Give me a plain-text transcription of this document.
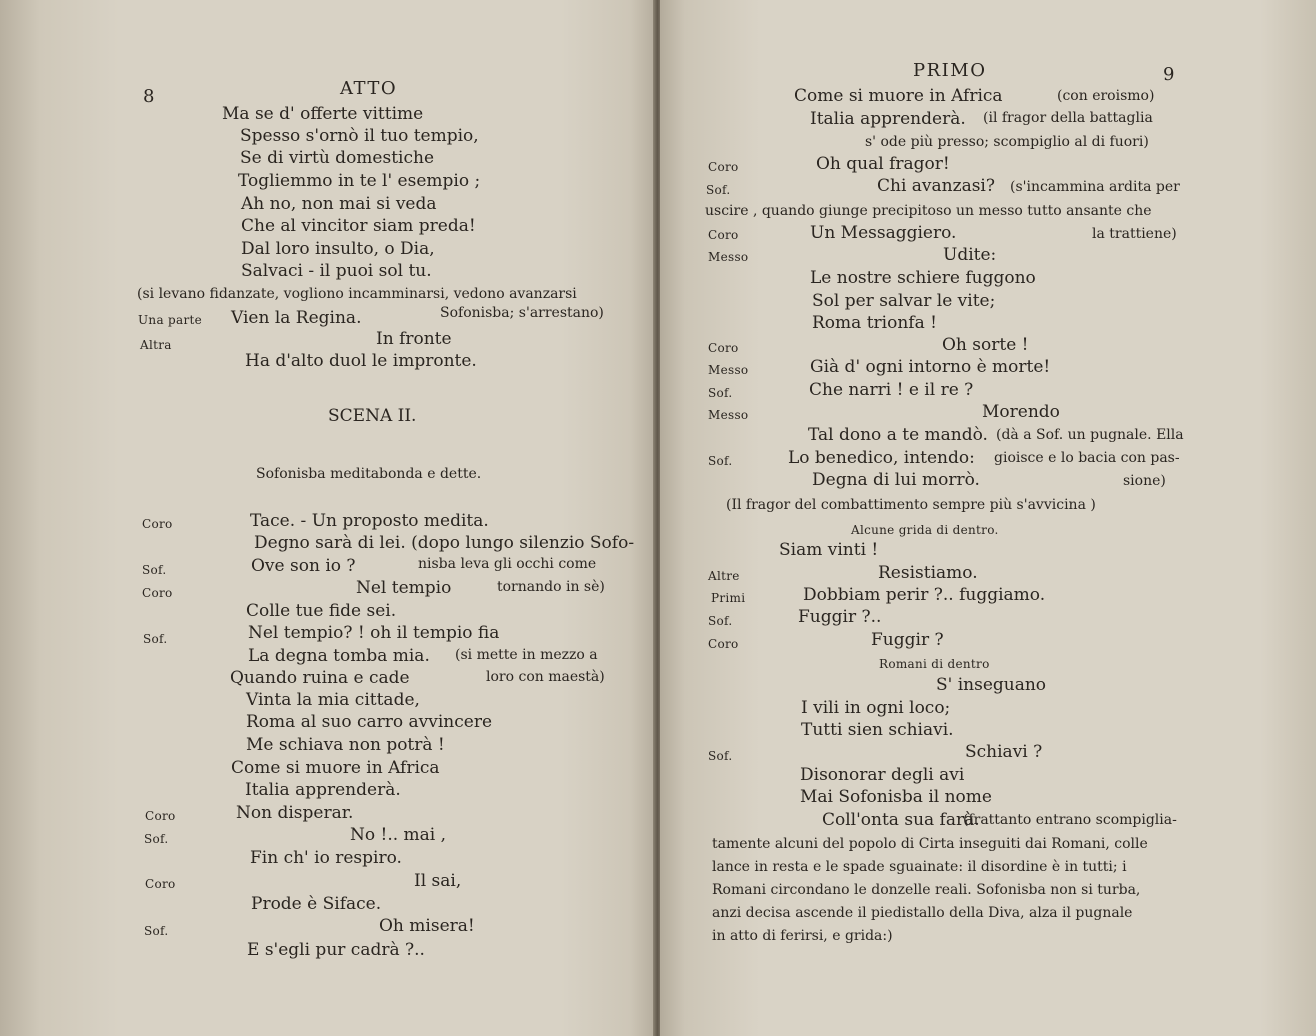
8	ATTO
Ma se d' offerte vittime
Spesso s'ornò il tuo tempio,
Se di virtù domestiche
Togliemmo in te l' esempio ;
Ah no, non mai si veda
Che al vincitor siam preda!
Dal loro insulto, o Dia,
Salvaci - il puoi sol tu.
(si levano fidanzate, vogliono incamminarsi, vedono avanzarsi
Una parte Vien la Regina.	Sofonisba; s'arrestano)
Altra	In fronte
Ha d'alto duol le impronte.
SCENA II.
Sofonisba meditabonda e dette.
Coro	Tace. - Un proposto medita.
Degno sarà di lei. (dopo lungo silenzio Sofo-
Sof.	Ove son io ?	nisba leva gli occhi come
Coro	Nel tempio	tornando in sè)
Colle tue fide sei.
Sof.	Nel tempio? ! oh il tempio fia
La degna tomba mia. (si mette in mezzo a
Quando ruina e cade	loro con maestà)
Vinta la mia cittade,
Roma al suo carro avvincere
Me schiava non potrà !
Come si muore in Africa
Italia apprenderà.
Coro	Non disperar.
Sof.	No !.. mai ,
Fin ch' io respiro.
Coro	Il sai,
Prode è Siface.
Sof.	Oh misera!
E s'egli pur cadrà ?..
PRIMO	9
Come si muore in Africa	(con eroismo)
Italia apprenderà. (il fragor della battaglia
s' ode più presso; scompiglio al di fuori)
Coro	Oh qual fragor!
Sof.	Chi avanzasi? (s'incammina ardita per
uscire , quando giunge precipitoso un messo tutto ansante che
Coro	Un Messaggiero.	la trattiene)
Messo	Udite:
Le nostre schiere fuggono
Sol per salvar le vite;
Roma trionfa !
Coro	Oh sorte !
Messo	Già d' ogni intorno è morte!
Sof.	Che narri ! e il re ?
Messo	Morendo
Tal dono a te mandò. (dà a Sof. un pugnale. Ella
Sof.	Lo benedico, intendo: gioisce e lo bacia con pas-
Degna di lui morrò.	sione)
(Il fragor del combattimento sempre più s'avvicina )
Alcune grida di dentro.
Siam vinti !
Altre	Resistiamo.
Primi	Dobbiam perir ?.. fuggiamo.
Sof.	Fuggir ?..
Coro	Fuggir ?
Romani di dentro
S' inseguano
I vili in ogni loco;
Tutti sien schiavi.
Sof.	Schiavi ?
Disonorar degli avi
Mai Sofonisba il nome
Coll'onta sua farà.
(frattanto entrano scompiglia-
tamente alcuni del popolo di Cirta inseguiti dai Romani, colle
lance in resta e le spade sguainate: il disordine è in tutti; i
Romani circondano le donzelle reali. Sofonisba non si turba,
anzi decisa ascende il piedistallo della Diva, alza il pugnale
in atto di ferirsi, e grida:)
